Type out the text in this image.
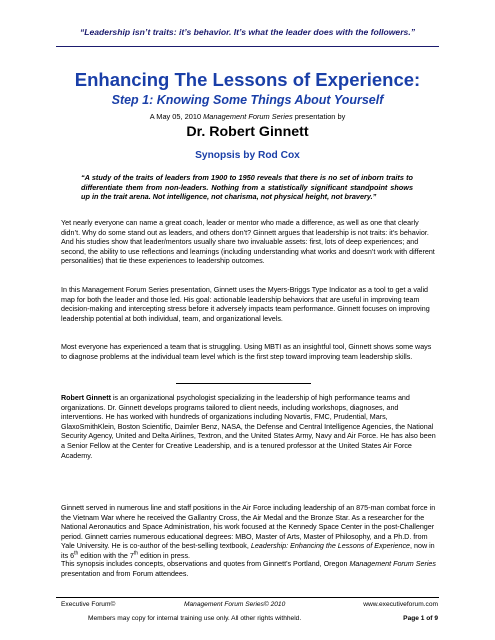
“Leadership isn’t traits: it’s behavior. It’s what the leader does with the followers.”
Enhancing The Lessons of Experience:
Step 1: Knowing Some Things About Yourself
A May 05, 2010 Management Forum Series presentation by
Dr. Robert Ginnett
Synopsis by Rod Cox

“A study of the traits of leaders from 1900 to 1950 reveals that there is no set of inborn traits to differentiate them from non-leaders. Nothing from a statistically significant standpoint shows up in the trait arena. Not intelligence, not charisma, not physical height, not bravery.”

Yet nearly everyone can name a great coach, leader or mentor who made a difference, as well as one that clearly didn’t. Why do some stand out as leaders, and others don’t? Ginnett argues that leadership is not traits: it’s behavior. And his studies show that leader/mentors usually share two invaluable assets: first, lots of deep experiences; and second, the ability to use reflections and learnings (including understanding what works and doesn’t work with different personalities) that tie these experiences to leadership outcomes.

In this Management Forum Series presentation, Ginnett uses the Myers-Briggs Type Indicator as a tool to get a valid map for both the leader and those led. His goal: actionable leadership behaviors that are useful in improving team decision-making and intercepting stress before it adversely impacts team performance. Ginnett focuses on improving leadership potential at both individual, team, and organizational levels.

Most everyone has experienced a team that is struggling. Using MBTI as an insightful tool, Ginnett shows some ways to diagnose problems at the individual team level which is the first step toward improving team leadership skills.

Robert Ginnett is an organizational psychologist specializing in the leadership of high performance teams and organizations. Dr. Ginnett develops programs tailored to client needs, including workshops, diagnoses, and interventions. He has worked with hundreds of organizations including Novartis, FMC, Prudential, Mars, GlaxoSmithKlein, Boston Scientific, Daimler Benz, NASA, the Defense and Central Intelligence Agencies, the National Security Agency, United and Delta Airlines, Textron, and the United States Army, Navy and Air Force. He has also been a Senior Fellow at the Center for Creative Leadership, and is a tenured professor at the United States Air Force Academy.

Ginnett served in numerous line and staff positions in the Air Force including leadership of an 875-man combat force in the Vietnam War where he received the Gallantry Cross, the Air Medal and the Bronze Star. As a researcher for the National Aeronautics and Space Administration, his work focused at the Kennedy Space Center in the post-Challenger period. Ginnett carries numerous educational degrees: MBO, Master of Arts, Master of Philosophy, and a Ph.D. from Yale University. He is co-author of the best-selling textbook, Leadership: Enhancing the Lessons of Experience, now in its 6th edition with the 7th edition in press.

This synopsis includes concepts, observations and quotes from Ginnett’s Portland, Oregon Management Forum Series presentation and from Forum attendees.

Executive Forum©	Management Forum Series© 2010	www.executiveforum.com
Members may copy for internal training use only. All other rights withheld.	Page 1 of 9
